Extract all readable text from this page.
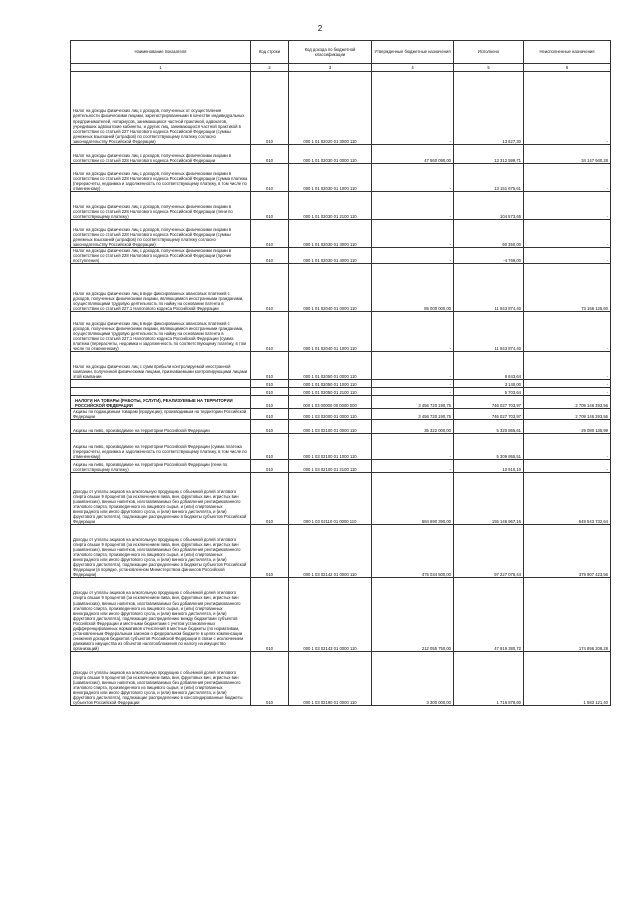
2
Наименование показателя	Код строки	Код дохода по бюджетной классификации	Утвержденные бюджетные назначения	Исполнено	Неисполненные назначения
1	2	3	4	5	6
Налог на доходы физических лиц с доходов, полученных от осуществления деятельности физическими лицами, зарегистрированными в качестве индивидуальных предпринимателей, нотариусов, занимающихся частной практикой, адвокатов, учредивших адвокатские кабинеты, и других лиц, занимающихся частной практикой в соответствии со статьей 227 Налогового кодекса Российской Федерации (суммы денежных взысканий (штрафов) по соответствующему платежу согласно законодательству Российской Федерации)	010	000 1 01 02020 01 3000 110	-	13 627,30	-
Налог на доходы физических лиц с доходов, полученных физическими лицами в соответствии со статьей 228 Налогового кодекса Российской Федерации	010	000 1 01 02030 01 0000 110	47 560 090,00	13 312 599,71	34 147 940,28
Налог на доходы физических лиц с доходов, полученных физическими лицами в соответствии со статьей 228 Налогового кодекса Российской Федерации (сумма платежа (перерасчеты, недоимка и задолженность по соответствующему платежу, в том числе по отмененному)	010	000 1 01 02030 01 1000 110	-	13 151 675,61	-
Налог на доходы физических лиц с доходов, полученных физическими лицами в соответствии со статьей 228 Налогового кодекса Российской Федерации (пени по соответствующему платежу)	010	000 1 01 02030 01 2100 110	-	104 573,65	-
Налог на доходы физических лиц с доходов, полученных физическими лицами в соответствии со статьей 228 Налогового кодекса Российской Федерации (суммы денежных взысканий (штрафов) по соответствующему платежу согласно законодательству Российской Федерации)	010	000 1 01 02030 01 3000 110	-	60 350,00	-
Налог на доходы физических лиц с доходов, полученных физическими лицами в соответствии со статьей 228 Налогового кодекса Российской Федерации (прочие поступления)	010	000 1 01 02030 01 4000 110	-	-4 769,00	-
Налог на доходы физических лиц в виде фиксированных авансовых платежей с доходов, полученных физическими лицами, являющимися иностранными гражданами, осуществляющими трудовую деятельность по найму на основании патента в соответствии со статьей 227.1 Налогового кодекса Российской Федерации	010	000 1 01 02040 01 0000 110	85 000 000,00	11 843 874,40	73 156 125,60
Налог на доходы физических лиц в виде фиксированных авансовых платежей с доходов, полученных физическими лицами, являющимися иностранными гражданами, осуществляющими трудовую деятельность по найму на основании патента в соответствии со статьей 227.1 Налогового кодекса Российской Федерации (сумма платежа (перерасчеты, недоимка и задолженность по соответствующему платежу, в том числе по отмененному)	010	000 1 01 02040 01 1000 110	-	11 843 874,40	-
Налог на доходы физических лиц с сумм прибыли контролируемой иностранной компании, полученной физическими лицами, признаваемыми контролирующими лицами этой компании	010	000 1 01 02050 01 0000 110	-	8 843,64	-
	010	000 1 01 02050 01 1000 110	-	3 140,00	-
	010	000 1 01 02050 01 2100 110	-	5 703,64	-
НАЛОГИ НА ТОВАРЫ (РАБОТЫ, УСЛУГИ), РЕАЛИЗУЕМЫЕ НА ТЕРРИТОРИИ РОССИЙСКОЙ ФЕДЕРАЦИИ	010	000 1 03 00000 00 0000 000	3 456 720 190,75	746 027 703,97	2 709 146 393,56
Акцизы по подакцизным товарам (продукции), производимым на территории Российской Федерации	010	000 1 03 02000 01 0000 110	3 456 720 190,75	746 027 703,97	2 709 146 393,56
Акцизы на пиво, производимое на территории Российской Федерации	010	000 1 03 02100 01 0000 110	35 322 000,00	5 320 865,61	29 080 135,99
Акцизы на пиво, производимое на территории Российской Федерации (сумма платежа (перерасчеты, недоимка и задолженность по соответствующему платежу, в том числе по отмененному)	010	000 1 03 02100 01 1000 110	-	5 309 955,51	-
Акцизы на пиво, производимое на территории Российской Федерации (пени по соответствующему платежу)	010	000 1 03 02100 01 2100 110	-	10 910,10	-
Доходы от уплаты акцизов на алкогольную продукцию с объемной долей этилового спирта свыше 9 процентов (за исключением пива, вин, фруктовых вин, игристых вин (шампанских), винных напитков, изготавливаемых без добавления ректификованного этилового спирта, произведенного из пищевого сырья, и (или) спиртованных виноградного или иного фруктового сусла, и (или) винного дистиллята, и (или) фруктового дистиллята), подлежащие распределению в бюджеты субъектов Российской Федерации	010	000 1 03 02110 01 0000 110	684 690 390,00	155 146 967,16	549 543 732,64
Доходы от уплаты акцизов на алкогольную продукцию с объемной долей этилового спирта свыше 9 процентов (за исключением пива, вин, фруктовых вин, игристых вин (шампанских), винных напитков, изготавливаемых без добавления ректификованного этилового спирта, произведенного из пищевого сырья, и (или) спиртованных виноградного или иного фруктового сусла, и (или) винного дистиллята, и (или) фруктового дистиллята), подлежащие распределению в бюджеты субъектов Российской Федерации (в порядке, установленном Министерством финансов Российской Федерации)	010	000 1 03 02142 01 0000 110	475 034 500,00	97 227 076,44	379 907 423,56
Доходы от уплаты акцизов на алкогольную продукцию с объемной долей этилового спирта свыше 9 процентов (за исключением пива, вин, фруктовых вин, игристых вин (шампанских), винных напитков, изготавливаемых без добавления ректификованного этилового спирта, произведенного из пищевого сырья, и (или) спиртованных виноградного или иного фруктового сусла, и (или) винного дистиллята, и (или) фруктового дистиллята), подлежащие распределению между бюджетами субъектов Российской Федерации и местными бюджетами с учетом установленных дифференцированных нормативов отчислений в местные бюджеты (по нормативам, установленным Федеральным законом о федеральном бюджете в целях компенсации снижения доходов бюджетов субъектов Российской Федерации в связи с исключением движимого имущества из объектов налогообложения по налогу на имущество организаций)	010	000 1 03 02143 01 0000 110	212 055 750,00	47 919 380,72	174 896 208,28
Доходы от уплаты акцизов на алкогольную продукцию с объемной долей этилового спирта свыше 9 процентов (за исключением пива, вин, фруктовых вин, игристых вин (шампанских), винных напитков, изготавливаемых без добавления ректификованного этилового спирта, произведенного из пищевого сырья, и (или) спиртованных виноградного или иного фруктового сусла, и (или) винного дистиллята, и (или) фруктового дистиллята), подлежащие распределению в консолидированные бюджеты субъектов Российской Федерации	010	000 1 03 02190 01 0000 110	3 300 000,00	1 716 878,60	1 583 121,40
